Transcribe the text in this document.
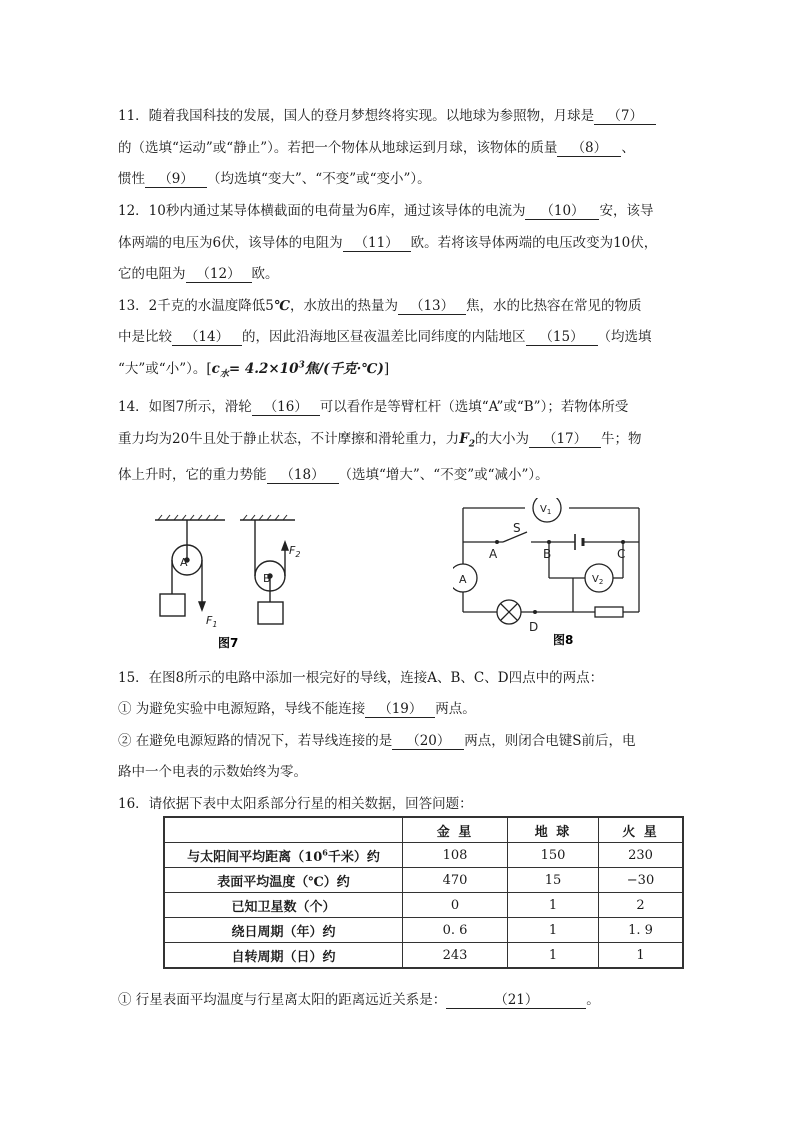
11．随着我国科技的发展，国人的登月梦想终将实现。以地球为参照物，月球是 （7）
的（选填“运动”或“静止”）。若把一个物体从地球运到月球，该物体的质量 （8） 、
惯性 （9） （均选填“变大”、“不变”或“变小”）。
12．10秒内通过某导体横截面的电荷量为6库，通过该导体的电流为 （10） 安，该导
体两端的电压为6伏，该导体的电阻为 （11） 欧。若将该导体两端的电压改变为10伏，
它的电阻为 （12） 欧。
13．2千克的水温度降低5℃，水放出的热量为 （13） 焦，水的比热容在常见的物质
中是比较 （14） 的，因此沿海地区昼夜温差比同纬度的内陆地区 （15） （均选填
“大”或“小”）。[$c_水= 4.2\times 10^3$焦/(千克·℃)]
14．如图7所示，滑轮 （16） 可以看作是等臂杠杆（选填“A”或“B”）；若物体所受
重力均为20牛且处于静止状态，不计摩擦和滑轮重力，力$F_2$的大小为 （17） 牛；物
体上升时，它的重力势能 （18） （选填“增大”、“不变”或“减小”）。
A
B
$F_1$
$F_2$
图7
A	B	C
D
S
A
$V_1$
$V_2$
图8
15．在图8所示的电路中添加一根完好的导线，连接A、B、C、D四点中的两点：
① 为避免实验中电源短路，导线不能连接 （19） 两点。
② 在避免电源短路的情况下，若导线连接的是 （20） 两点，则闭合电键S前后，电
路中一个电表的示数始终为零。
16．请依据下表中太阳系部分行星的相关数据，回答问题：
	金 星	地 球	火 星
与太阳间平均距离（$10^6$千米）约	108	150	230
表面平均温度（℃）约	470	15	−30
已知卫星数（个）	0	1	2
绕日周期（年）约	0. 6	1	1. 9
自转周期（日）约	243	1	1
① 行星表面平均温度与行星离太阳的距离远近关系是：	（21）	。
